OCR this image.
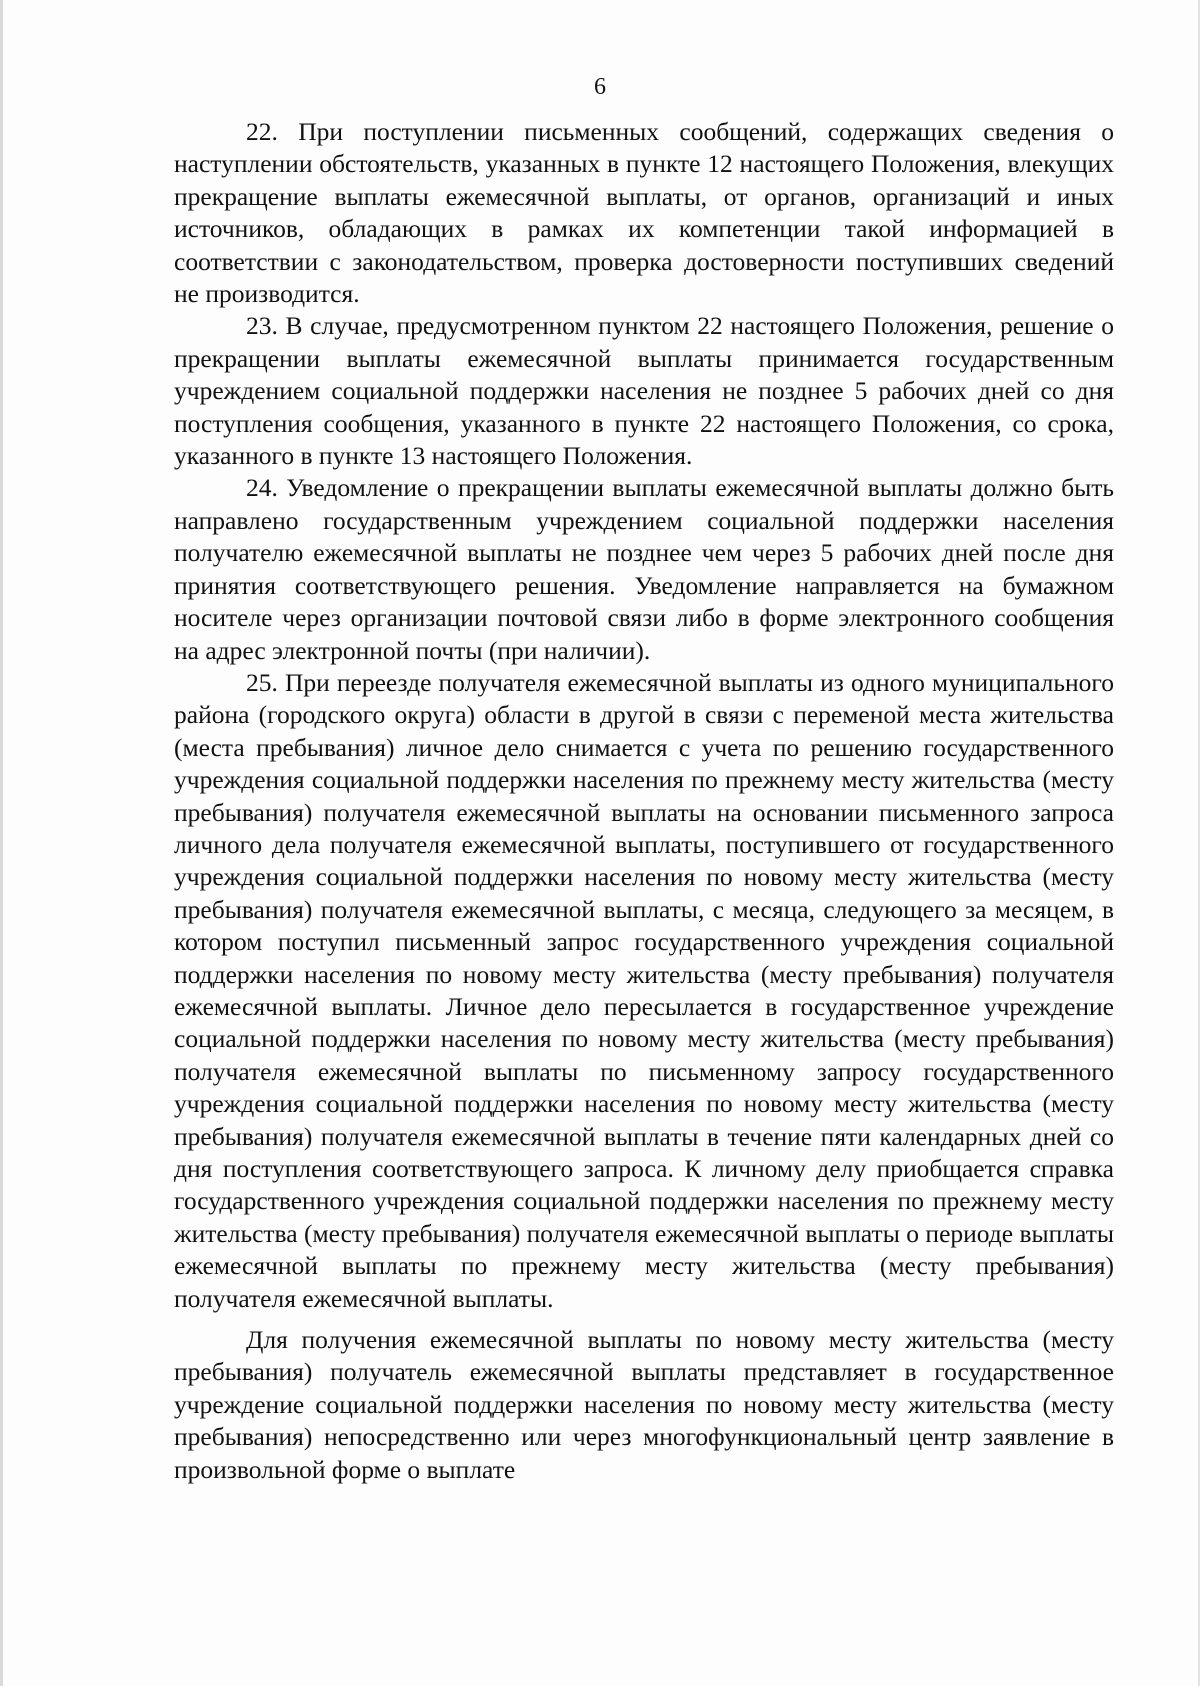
6

22. При поступлении письменных сообщений, содержащих сведения о наступлении обстоятельств, указанных в пункте 12 настоящего Положения, влекущих прекращение выплаты ежемесячной выплаты, от органов, организаций и иных источников, обладающих в рамках их компетенции такой информацией в соответствии с законодательством, проверка достоверности поступивших сведений не производится.

23. В случае, предусмотренном пунктом 22 настоящего Положения, решение о прекращении выплаты ежемесячной выплаты принимается государственным учреждением социальной поддержки населения не позднее 5 рабочих дней со дня поступления сообщения, указанного в пункте 22 настоящего Положения, со срока, указанного в пункте 13 настоящего Положения.

24. Уведомление о прекращении выплаты ежемесячной выплаты должно быть направлено государственным учреждением социальной поддержки населения получателю ежемесячной выплаты не позднее чем через 5 рабочих дней после дня принятия соответствующего решения. Уведомление направляется на бумажном носителе через организации почтовой связи либо в форме электронного сообщения на адрес электронной почты (при наличии).

25. При переезде получателя ежемесячной выплаты из одного муниципального района (городского округа) области в другой в связи с переменой места жительства (места пребывания) личное дело снимается с учета по решению государственного учреждения социальной поддержки населения по прежнему месту жительства (месту пребывания) получателя ежемесячной выплаты на основании письменного запроса личного дела получателя ежемесячной выплаты, поступившего от государственного учреждения социальной поддержки населения по новому месту жительства (месту пребывания) получателя ежемесячной выплаты, с месяца, следующего за месяцем, в котором поступил письменный запрос государственного учреждения социальной поддержки населения по новому месту жительства (месту пребывания) получателя ежемесячной выплаты. Личное дело пересылается в государственное учреждение социальной поддержки населения по новому месту жительства (месту пребывания) получателя ежемесячной выплаты по письменному запросу государственного учреждения социальной поддержки населения по новому месту жительства (месту пребывания) получателя ежемесячной выплаты в течение пяти календарных дней со дня поступления соответствующего запроса. К личному делу приобщается справка государственного учреждения социальной поддержки населения по прежнему месту жительства (месту пребывания) получателя ежемесячной выплаты о периоде выплаты ежемесячной выплаты по прежнему месту жительства (месту пребывания) получателя ежемесячной выплаты.

Для получения ежемесячной выплаты по новому месту жительства (месту пребывания) получатель ежемесячной выплаты представляет в государственное учреждение социальной поддержки населения по новому месту жительства (месту пребывания) непосредственно или через многофункциональный центр заявление в произвольной форме о выплате
